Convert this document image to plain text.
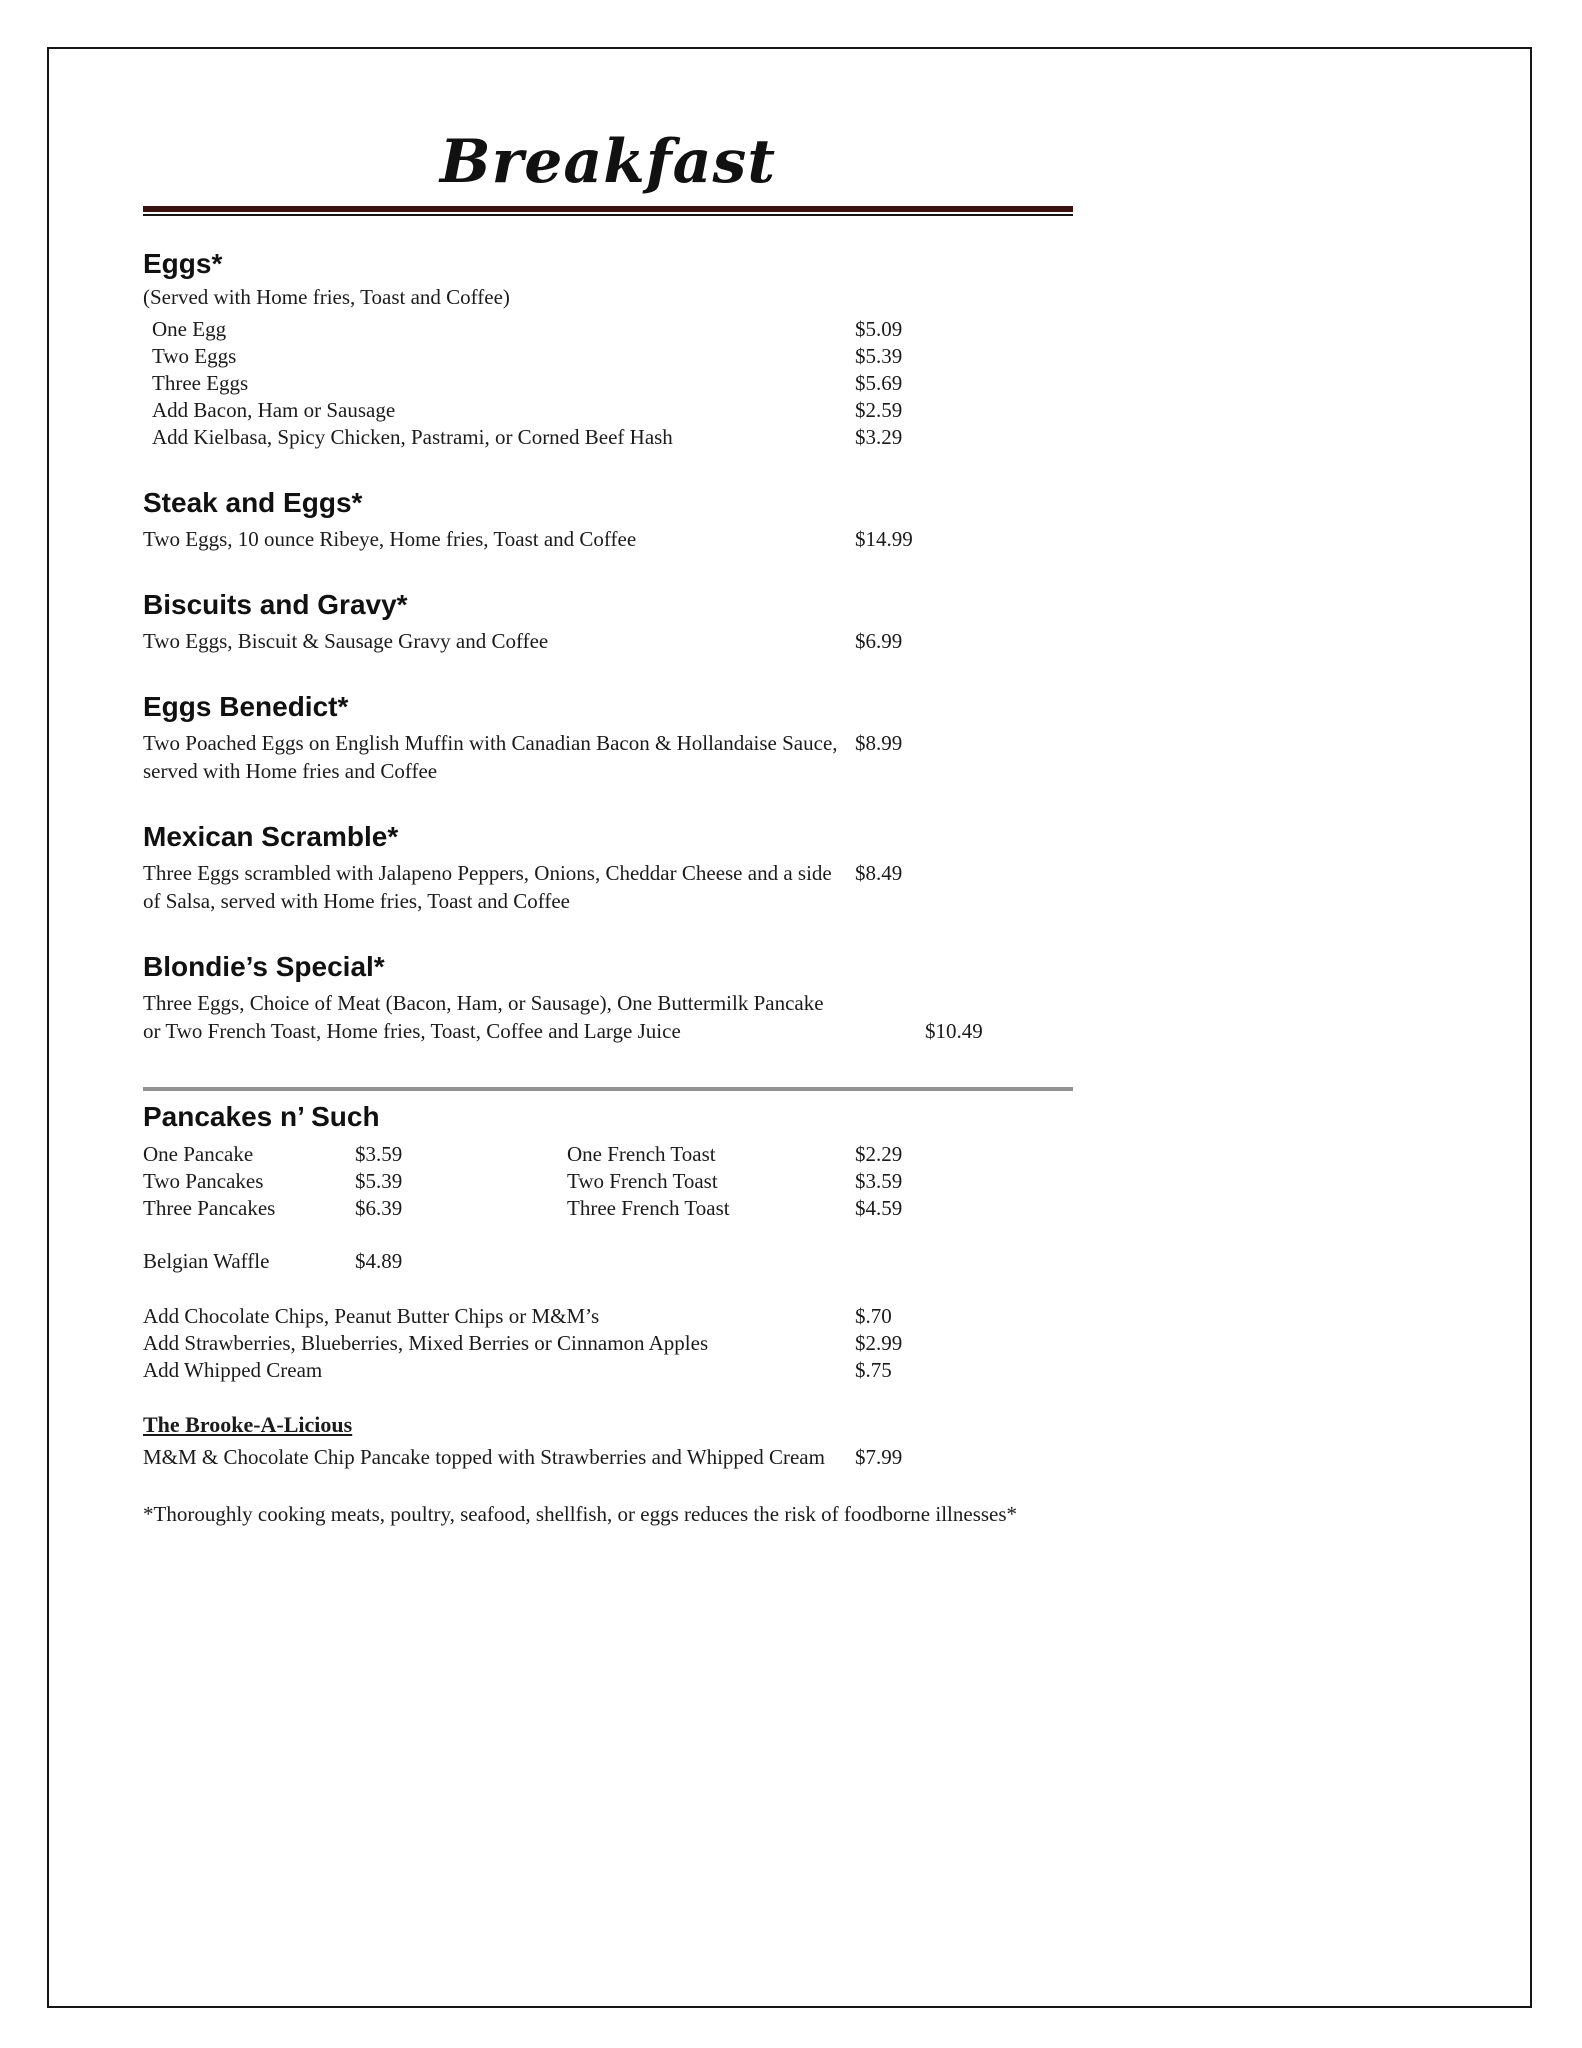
Breakfast
Eggs*
(Served with Home fries, Toast and Coffee)
One Egg	$5.09
Two Eggs	$5.39
Three Eggs	$5.69
Add Bacon, Ham or Sausage	$2.59
Add Kielbasa, Spicy Chicken, Pastrami, or Corned Beef Hash	$3.29
Steak and Eggs*
Two Eggs, 10 ounce Ribeye, Home fries, Toast and Coffee	$14.99
Biscuits and Gravy*
Two Eggs, Biscuit & Sausage Gravy and Coffee	$6.99
Eggs Benedict*
Two Poached Eggs on English Muffin with Canadian Bacon & Hollandaise Sauce, $8.99
served with Home fries and Coffee
Mexican Scramble*
Three Eggs scrambled with Jalapeno Peppers, Onions, Cheddar Cheese and a side $8.49
of Salsa, served with Home fries, Toast and Coffee
Blondie’s Special*
Three Eggs, Choice of Meat (Bacon, Ham, or Sausage), One Buttermilk Pancake
or Two French Toast, Home fries, Toast, Coffee and Large Juice	$10.49
Pancakes n’ Such
One Pancake	$3.59	One French Toast	$2.29
Two Pancakes	$5.39	Two French Toast	$3.59
Three Pancakes	$6.39	Three French Toast	$4.59
Belgian Waffle	$4.89
Add Chocolate Chips, Peanut Butter Chips or M&M’s	$.70
Add Strawberries, Blueberries, Mixed Berries or Cinnamon Apples	$2.99
Add Whipped Cream	$.75
The Brooke-A-Licious
M&M & Chocolate Chip Pancake topped with Strawberries and Whipped Cream $7.99
*Thoroughly cooking meats, poultry, seafood, shellfish, or eggs reduces the risk of foodborne illnesses*
